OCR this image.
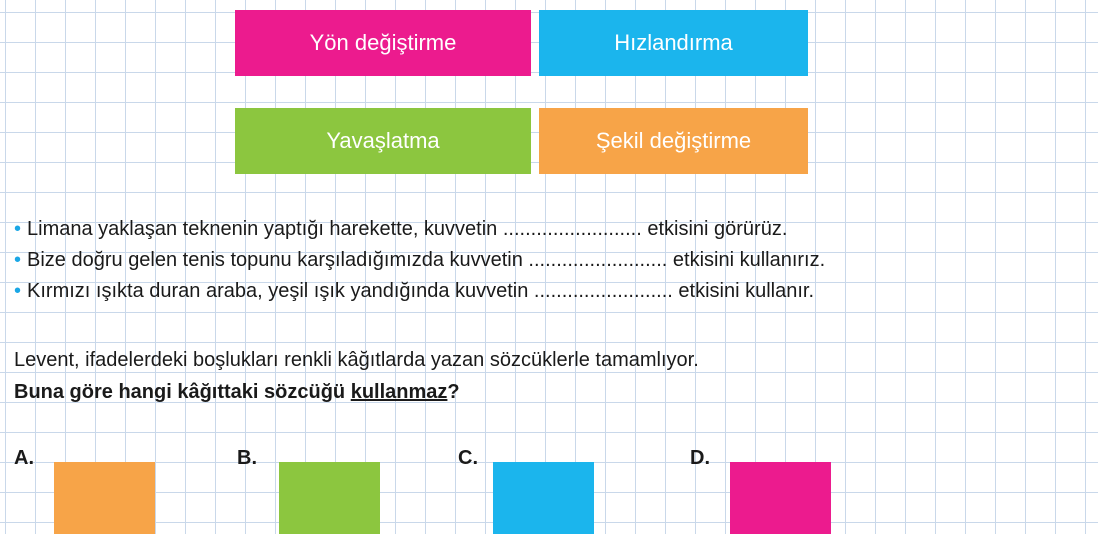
Yön değiştirme	Hızlandırma
Yavaşlatma	Şekil değiştirme
• Limana yaklaşan teknenin yaptığı harekette, kuvvetin ......................... etkisini görürüz.
• Bize doğru gelen tenis topunu karşıladığımızda kuvvetin ......................... etkisini kullanırız.
• Kırmızı ışıkta duran araba, yeşil ışık yandığında kuvvetin ......................... etkisini kullanır.
Levent, ifadelerdeki boşlukları renkli kâğıtlarda yazan sözcüklerle tamamlıyor.
Buna göre hangi kâğıttaki sözcüğü kullanmaz?
A.	B.	C.	D.
